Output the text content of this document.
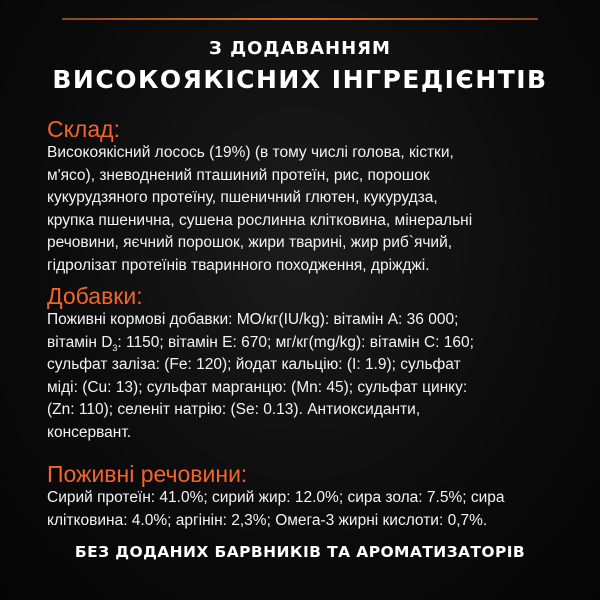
З ДОДАВАННЯМ
ВИСОКОЯКІСНИХ ІНГРЕДІЄНТІВ
Склад:
Високоякісний лосось (19%) (в тому числі голова, кістки,
м'ясо), зневоднений пташиний протеїн, рис, порошок
кукурудзяного протеїну, пшеничний глютен, кукурудза,
крупка пшенична, сушена рослинна клітковина, мінеральні
речовини, яєчний порошок, жири тварині, жир риб`ячий,
гідролізат протеїнів тваринного походження, дріжджі.
Добавки:
Поживні кормові добавки: МО/кг(IU/kg): вітамін А: 36 000;
вітамін $D_3$: 1150; вітамін Е: 670; мг/кг(mg/kg): вітамін С: 160;
сульфат заліза: (Fe: 120); йодат кальцію: (I: 1.9); сульфат
міді: (Cu: 13); сульфат марганцю: (Mn: 45); сульфат цинку:
(Zn: 110); селеніт натрію: (Se: 0.13). Антиоксиданти,
консервант.
Поживні речовини:
Сирий протеїн: 41.0%; сирий жир: 12.0%; сира зола: 7.5%; сира
клітковина: 4.0%; аргінін: 2,3%; Омега-3 жирні кислоти: 0,7%.
БЕЗ ДОДАНИХ БАРВНИКІВ ТА АРОМАТИЗАТОРІВ
